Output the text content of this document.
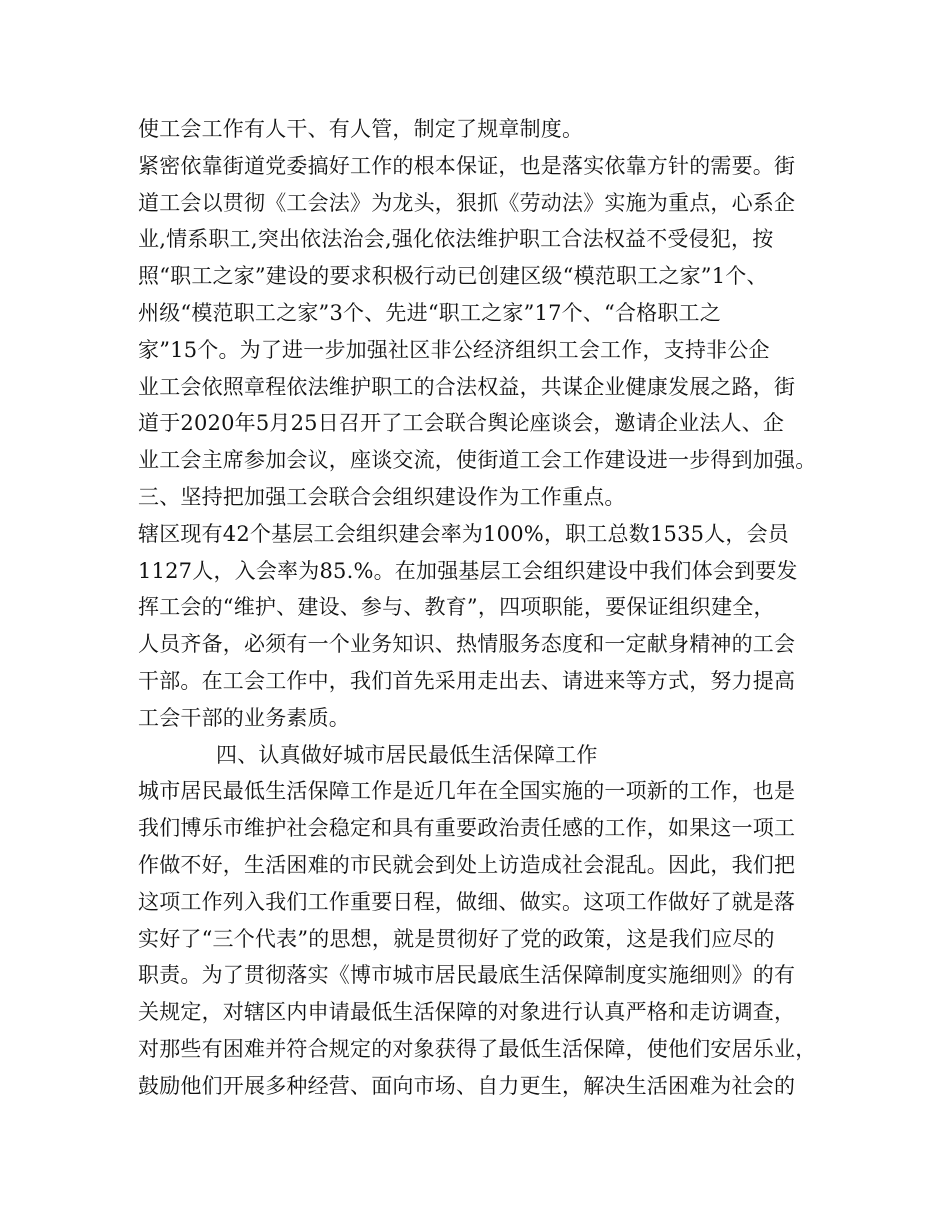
使工会工作有人干、有人管，制定了规章制度。
紧密依靠街道党委搞好工作的根本保证，也是落实依靠方针的需要。街
道工会以贯彻《工会法》为龙头，狠抓《劳动法》实施为重点，心系企
业,情系职工,突出依法治会,强化依法维护职工合法权益不受侵犯，按
照“职工之家”建设的要求积极行动已创建区级“模范职工之家”1个、
州级“模范职工之家”3个、先进“职工之家”17个、“合格职工之
家”15个。为了进一步加强社区非公经济组织工会工作，支持非公企
业工会依照章程依法维护职工的合法权益，共谋企业健康发展之路，街
道于2020年5月25日召开了工会联合舆论座谈会，邀请企业法人、企
业工会主席参加会议，座谈交流，使街道工会工作建设进一步得到加强。
三、坚持把加强工会联合会组织建设作为工作重点。
辖区现有42个基层工会组织建会率为100%，职工总数1535人，会员
1127人，入会率为85.%。在加强基层工会组织建设中我们体会到要发
挥工会的“维护、建设、参与、教育”，四项职能，要保证组织建全，
人员齐备，必须有一个业务知识、热情服务态度和一定献身精神的工会
干部。在工会工作中，我们首先采用走出去、请进来等方式，努力提高
工会干部的业务素质。
四、认真做好城市居民最低生活保障工作
城市居民最低生活保障工作是近几年在全国实施的一项新的工作，也是
我们博乐市维护社会稳定和具有重要政治责任感的工作，如果这一项工
作做不好，生活困难的市民就会到处上访造成社会混乱。因此，我们把
这项工作列入我们工作重要日程，做细、做实。这项工作做好了就是落
实好了“三个代表”的思想，就是贯彻好了党的政策，这是我们应尽的
职责。为了贯彻落实《博市城市居民最底生活保障制度实施细则》的有
关规定，对辖区内申请最低生活保障的对象进行认真严格和走访调查，
对那些有困难并符合规定的对象获得了最低生活保障，使他们安居乐业，
鼓励他们开展多种经营、面向市场、自力更生，解决生活困难为社会的
